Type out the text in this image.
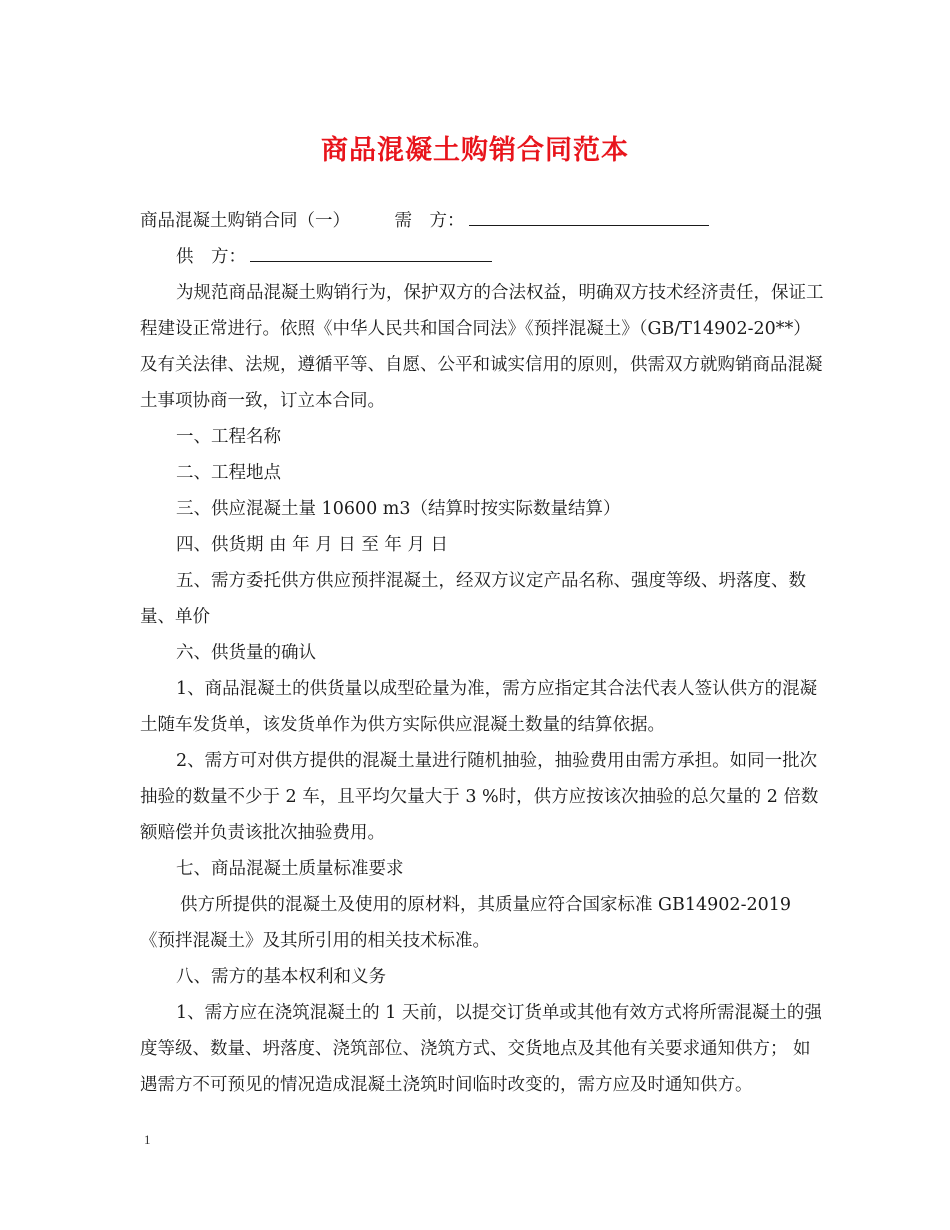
商品混凝土购销合同范本

商品混凝土购销合同（一）	需　方：

供　方：

为规范商品混凝土购销行为，保护双方的合法权益，明确双方技术经济责任，保证工程建设正常进行。依照《中华人民共和国合同法》《预拌混凝土》（GB/T14902-20**）及有关法律、法规，遵循平等、自愿、公平和诚实信用的原则，供需双方就购销商品混凝土事项协商一致，订立本合同。

一、工程名称

二、工程地点

三、供应混凝土量 10600 m3（结算时按实际数量结算）

四、供货期 由 年 月 日 至 年 月 日

五、需方委托供方供应预拌混凝土，经双方议定产品名称、强度等级、坍落度、数量、单价

六、供货量的确认

1、商品混凝土的供货量以成型砼量为准，需方应指定其合法代表人签认供方的混凝土随车发货单，该发货单作为供方实际供应混凝土数量的结算依据。

2、需方可对供方提供的混凝土量进行随机抽验，抽验费用由需方承担。如同一批次抽验的数量不少于 2 车，且平均欠量大于 3 %时，供方应按该次抽验的总欠量的 2 倍数额赔偿并负责该批次抽验费用。

七、商品混凝土质量标准要求

供方所提供的混凝土及使用的原材料，其质量应符合国家标准 GB14902-2019《预拌混凝土》及其所引用的相关技术标准。

八、需方的基本权利和义务

1、需方应在浇筑混凝土的 1 天前，以提交订货单或其他有效方式将所需混凝土的强度等级、数量、坍落度、浇筑部位、浇筑方式、交货地点及其他有关要求通知供方； 如遇需方不可预见的情况造成混凝土浇筑时间临时改变的，需方应及时通知供方。

1
